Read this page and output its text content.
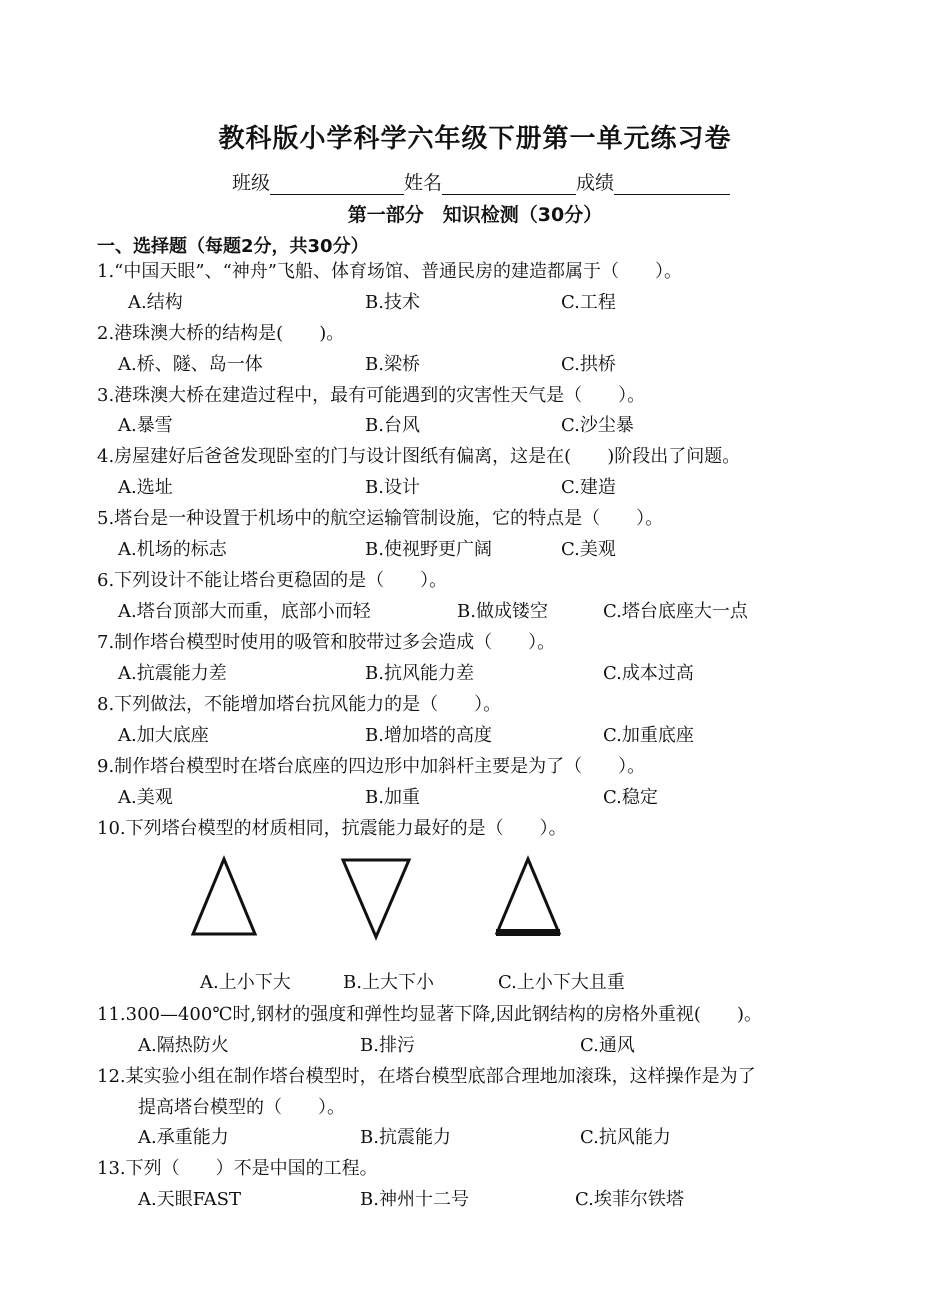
教科版小学科学六年级下册第一单元练习卷
班级	姓名	成绩
第一部分　知识检测（30分）
一、选择题（每题2分，共30分）
1.“中国天眼”、“神舟”飞船、体育场馆、普通民房的建造都属于（　　）。
A.结构	B.技术	C.工程
2.港珠澳大桥的结构是(　　)。
A.桥、隧、岛一体	B.梁桥	C.拱桥
3.港珠澳大桥在建造过程中，最有可能遇到的灾害性天气是（　　）。
A.暴雪	B.台风	C.沙尘暴
4.房屋建好后爸爸发现卧室的门与设计图纸有偏离，这是在(　　)阶段出了问题。
A.选址	B.设计	C.建造
5.塔台是一种设置于机场中的航空运输管制设施，它的特点是（　　）。
A.机场的标志	B.使视野更广阔	C.美观
6.下列设计不能让塔台更稳固的是（　　）。
A.塔台顶部大而重，底部小而轻	B.做成镂空	C.塔台底座大一点
7.制作塔台模型时使用的吸管和胶带过多会造成（　　）。
A.抗震能力差	B.抗风能力差	C.成本过高
8.下列做法，不能增加塔台抗风能力的是（　　）。
A.加大底座	B.增加塔的高度	C.加重底座
9.制作塔台模型时在塔台底座的四边形中加斜杆主要是为了（　　）。
A.美观	B.加重	C.稳定
10.下列塔台模型的材质相同，抗震能力最好的是（　　）。
A.上小下大	B.上大下小	C.上小下大且重
11.300—400℃时,钢材的强度和弹性均显著下降,因此钢结构的房格外重视(　　)。
A.隔热防火	B.排污	C.通风
12.某实验小组在制作塔台模型时，在塔台模型底部合理地加滚珠，这样操作是为了
提高塔台模型的（　　）。
A.承重能力	B.抗震能力	C.抗风能力
13.下列（　　）不是中国的工程。
A.天眼FAST	B.神州十二号	C.埃菲尔铁塔
